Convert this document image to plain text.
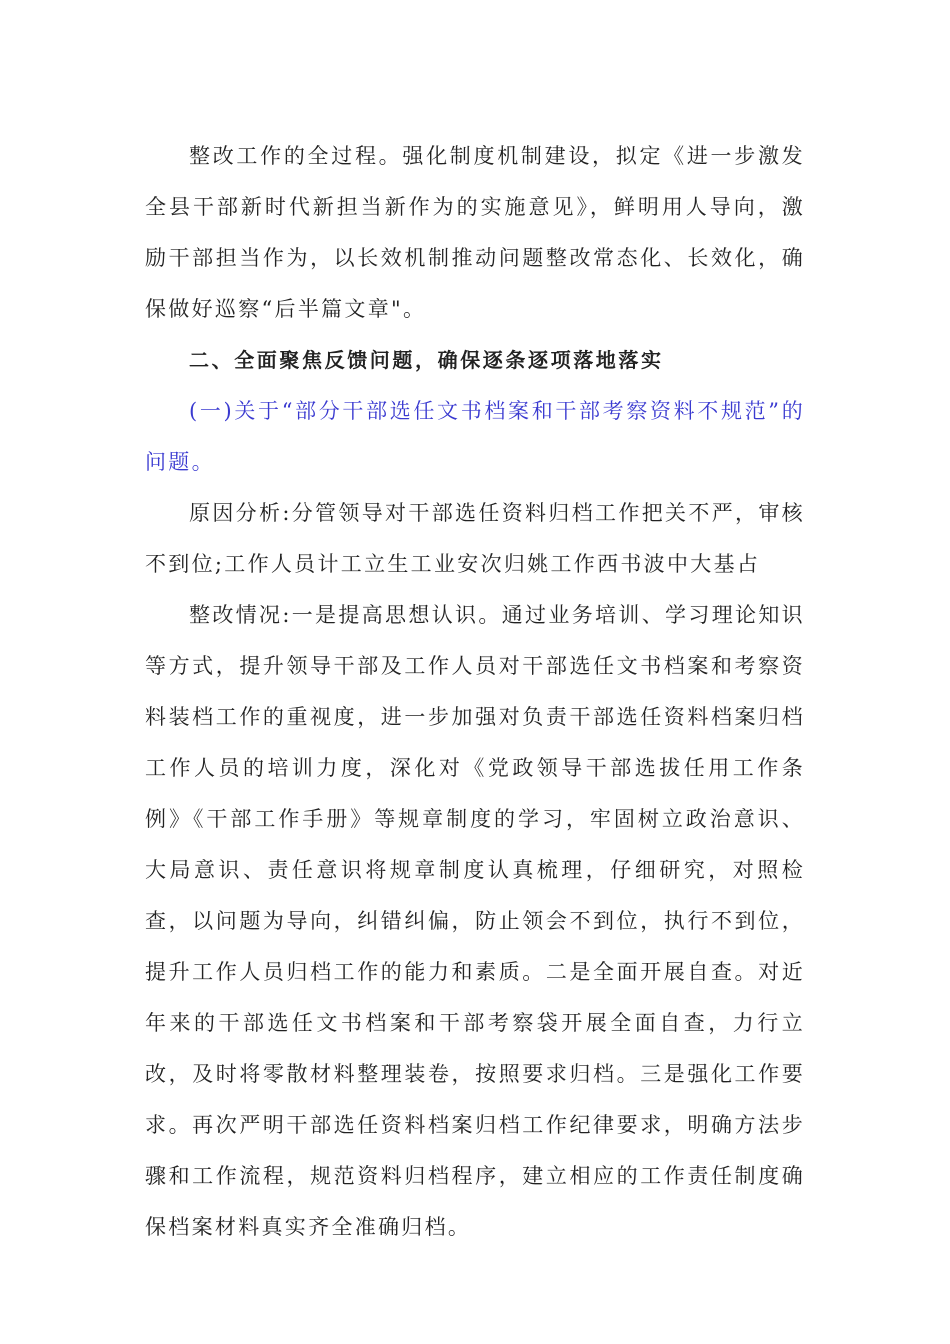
整改工作的全过程。强化制度机制建设，拟定《进一步激发全县干部新时代新担当新作为的实施意见》，鲜明用人导向，激励干部担当作为，以长效机制推动问题整改常态化、长效化，确保做好巡察“后半篇文章"。

二、全面聚焦反馈问题，确保逐条逐项落地落实

(一)关于“部分干部选任文书档案和干部考察资料不规范”的问题。

原因分析:分管领导对干部选任资料归档工作把关不严，审核不到位;工作人员计工立生工业安次归姚工作西书波中大基占

整改情况:一是提高思想认识。通过业务培训、学习理论知识等方式，提升领导干部及工作人员对干部选任文书档案和考察资料装档工作的重视度，进一步加强对负责干部选任资料档案归档工作人员的培训力度，深化对《党政领导干部选拔任用工作条例》《干部工作手册》等规章制度的学习，牢固树立政治意识、大局意识、责任意识将规章制度认真梳理，仔细研究，对照检查，以问题为导向，纠错纠偏，防止领会不到位，执行不到位，提升工作人员归档工作的能力和素质。二是全面开展自查。对近年来的干部选任文书档案和干部考察袋开展全面自查，力行立改，及时将零散材料整理装卷，按照要求归档。三是强化工作要求。再次严明干部选任资料档案归档工作纪律要求，明确方法步骤和工作流程，规范资料归档程序，建立相应的工作责任制度确保档案材料真实齐全准确归档。
